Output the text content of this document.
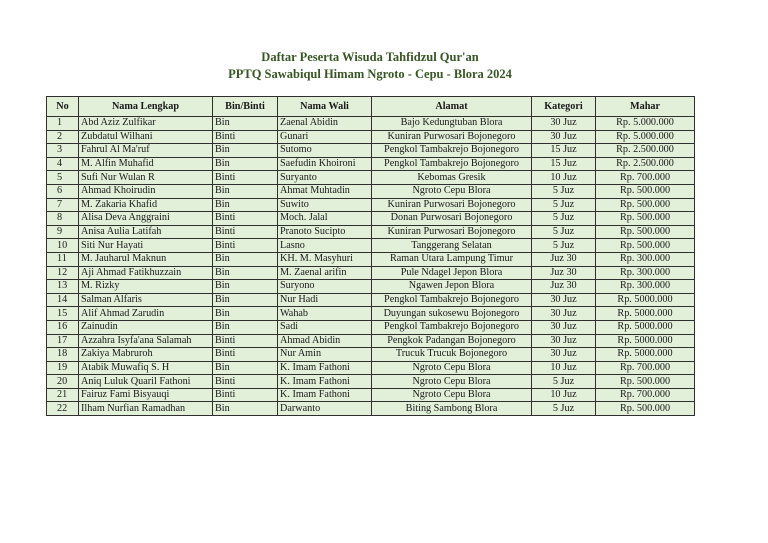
Daftar Peserta Wisuda Tahfidzul Qur'an
PPTQ Sawabiqul Himam Ngroto - Cepu - Blora 2024
No	Nama Lengkap	Bin/Binti	Nama Wali	Alamat	Kategori	Mahar
1	Abd Aziz Zulfikar	Bin	Zaenal Abidin	Bajo Kedungtuban Blora	30 Juz	Rp. 5.000.000
2	Zubdatul Wilhani	Binti	Gunari	Kuniran Purwosari Bojonegoro	30 Juz	Rp. 5.000.000
3	Fahrul Al Ma'ruf	Bin	Sutomo	Pengkol Tambakrejo Bojonegoro	15 Juz	Rp. 2.500.000
4	M. Alfin Muhafid	Bin	Saefudin Khoironi	Pengkol Tambakrejo Bojonegoro	15 Juz	Rp. 2.500.000
5	Sufi Nur Wulan R	Binti	Suryanto	Kebomas Gresik	10 Juz	Rp. 700.000
6	Ahmad Khoirudin	Bin	Ahmat Muhtadin	Ngroto Cepu Blora	5 Juz	Rp. 500.000
7	M. Zakaria Khafid	Bin	Suwito	Kuniran Purwosari Bojonegoro	5 Juz	Rp. 500.000
8	Alisa Deva Anggraini	Binti	Moch. Jalal	Donan Purwosari Bojonegoro	5 Juz	Rp. 500.000
9	Anisa Aulia Latifah	Binti	Pranoto Sucipto	Kuniran Purwosari Bojonegoro	5 Juz	Rp. 500.000
10	Siti Nur Hayati	Binti	Lasno	Tanggerang Selatan	5 Juz	Rp. 500.000
11	M. Jauharul Maknun	Bin	KH. M. Masyhuri	Raman Utara Lampung Timur	Juz 30	Rp. 300.000
12	Aji Ahmad Fatikhuzzain	Bin	M. Zaenal arifin	Pule Ndagel Jepon Blora	Juz 30	Rp. 300.000
13	M. Rizky	Bin	Suryono	Ngawen Jepon Blora	Juz 30	Rp. 300.000
14	Salman Alfaris	Bin	Nur Hadi	Pengkol Tambakrejo Bojonegoro	30 Juz	Rp. 5000.000
15	Alif Ahmad Zarudin	Bin	Wahab	Duyungan sukosewu Bojonegoro	30 Juz	Rp. 5000.000
16	Zainudin	Bin	Sadi	Pengkol Tambakrejo Bojonegoro	30 Juz	Rp. 5000.000
17	Azzahra Isyfa'ana Salamah	Binti	Ahmad Abidin	Pengkok Padangan Bojonegoro	30 Juz	Rp. 5000.000
18	Zakiya Mabruroh	Binti	Nur Amin	Trucuk Trucuk Bojonegoro	30 Juz	Rp. 5000.000
19	Atabik Muwafiq S. H	Bin	K. Imam Fathoni	Ngroto Cepu Blora	10 Juz	Rp. 700.000
20	Aniq Luluk Quaril Fathoni	Binti	K. Imam Fathoni	Ngroto Cepu Blora	5 Juz	Rp. 500.000
21	Fairuz Fami Bisyauqi	Binti	K. Imam Fathoni	Ngroto Cepu Blora	10 Juz	Rp. 700.000
22	Ilham Nurfian Ramadhan	Bin	Darwanto	Biting Sambong Blora	5 Juz	Rp. 500.000
